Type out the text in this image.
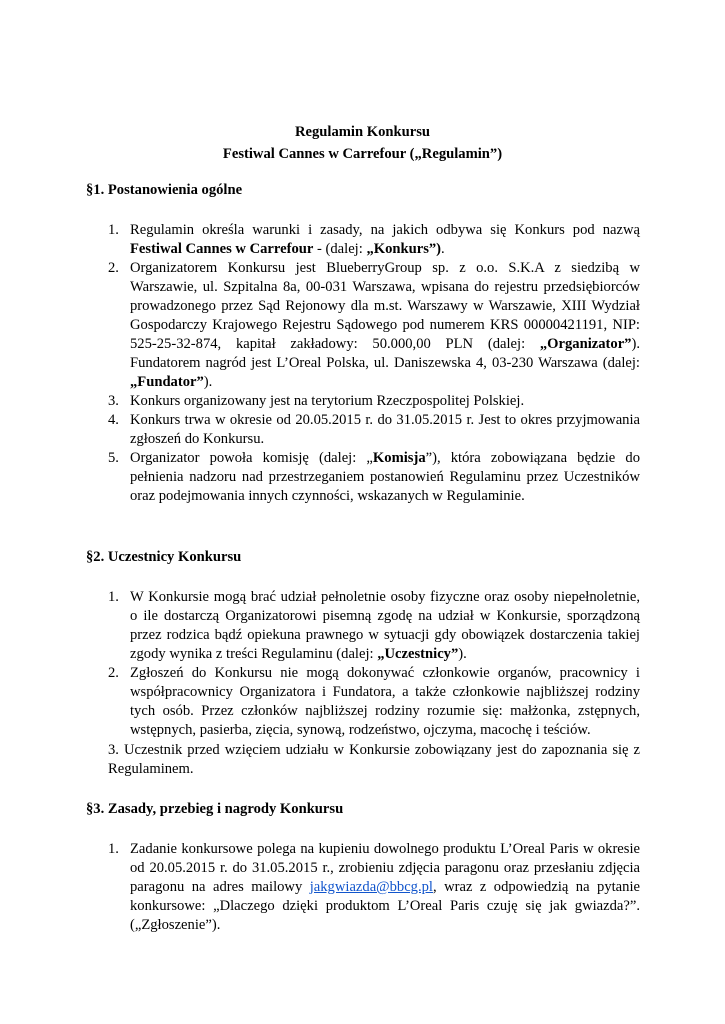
Regulamin Konkursu
Festiwal Cannes w Carrefour („Regulamin”)
§1. Postanowienia ogólne
1. Regulamin określa warunki i zasady, na jakich odbywa się Konkurs pod nazwą Festiwal Cannes w Carrefour - (dalej: „Konkurs”).
2. Organizatorem Konkursu jest BlueberryGroup sp. z o.o. S.K.A z siedzibą w Warszawie, ul. Szpitalna 8a, 00-031 Warszawa, wpisana do rejestru przedsiębiorców prowadzonego przez Sąd Rejonowy dla m.st. Warszawy w Warszawie, XIII Wydział Gospodarczy Krajowego Rejestru Sądowego pod numerem KRS 00000421191, NIP: 525-25-32-874, kapitał zakładowy: 50.000,00 PLN (dalej: „Organizator”). Fundatorem nagród jest L’Oreal Polska, ul. Daniszewska 4, 03-230 Warszawa (dalej: „Fundator”).
3. Konkurs organizowany jest na terytorium Rzeczpospolitej Polskiej.
4. Konkurs trwa w okresie od 20.05.2015 r. do 31.05.2015 r. Jest to okres przyjmowania zgłoszeń do Konkursu.
5. Organizator powoła komisję (dalej: „Komisja”), która zobowiązana będzie do pełnienia nadzoru nad przestrzeganiem postanowień Regulaminu przez Uczestników oraz podejmowania innych czynności, wskazanych w Regulaminie.
§2. Uczestnicy Konkursu
1. W Konkursie mogą brać udział pełnoletnie osoby fizyczne oraz osoby niepełnoletnie, o ile dostarczą Organizatorowi pisemną zgodę na udział w Konkursie, sporządzoną przez rodzica bądź opiekuna prawnego w sytuacji gdy obowiązek dostarczenia takiej zgody wynika z treści Regulaminu (dalej: „Uczestnicy”).
2. Zgłoszeń do Konkursu nie mogą dokonywać członkowie organów, pracownicy i współpracownicy Organizatora i Fundatora, a także członkowie najbliższej rodziny tych osób. Przez członków najbliższej rodziny rozumie się: małżonka, zstępnych, wstępnych, pasierba, zięcia, synową, rodzeństwo, ojczyma, macochę i teściów.
3. Uczestnik przed wzięciem udziału w Konkursie zobowiązany jest do zapoznania się z Regulaminem.
§3. Zasady, przebieg i nagrody Konkursu
1. Zadanie konkursowe polega na kupieniu dowolnego produktu L’Oreal Paris w okresie od 20.05.2015 r. do 31.05.2015 r., zrobieniu zdjęcia paragonu oraz przesłaniu zdjęcia paragonu na adres mailowy jakgwiazda@bbcg.pl, wraz z odpowiedzią na pytanie konkursowe: „Dlaczego dzięki produktom L’Oreal Paris czuję się jak gwiazda?”.(„Zgłoszenie”).
